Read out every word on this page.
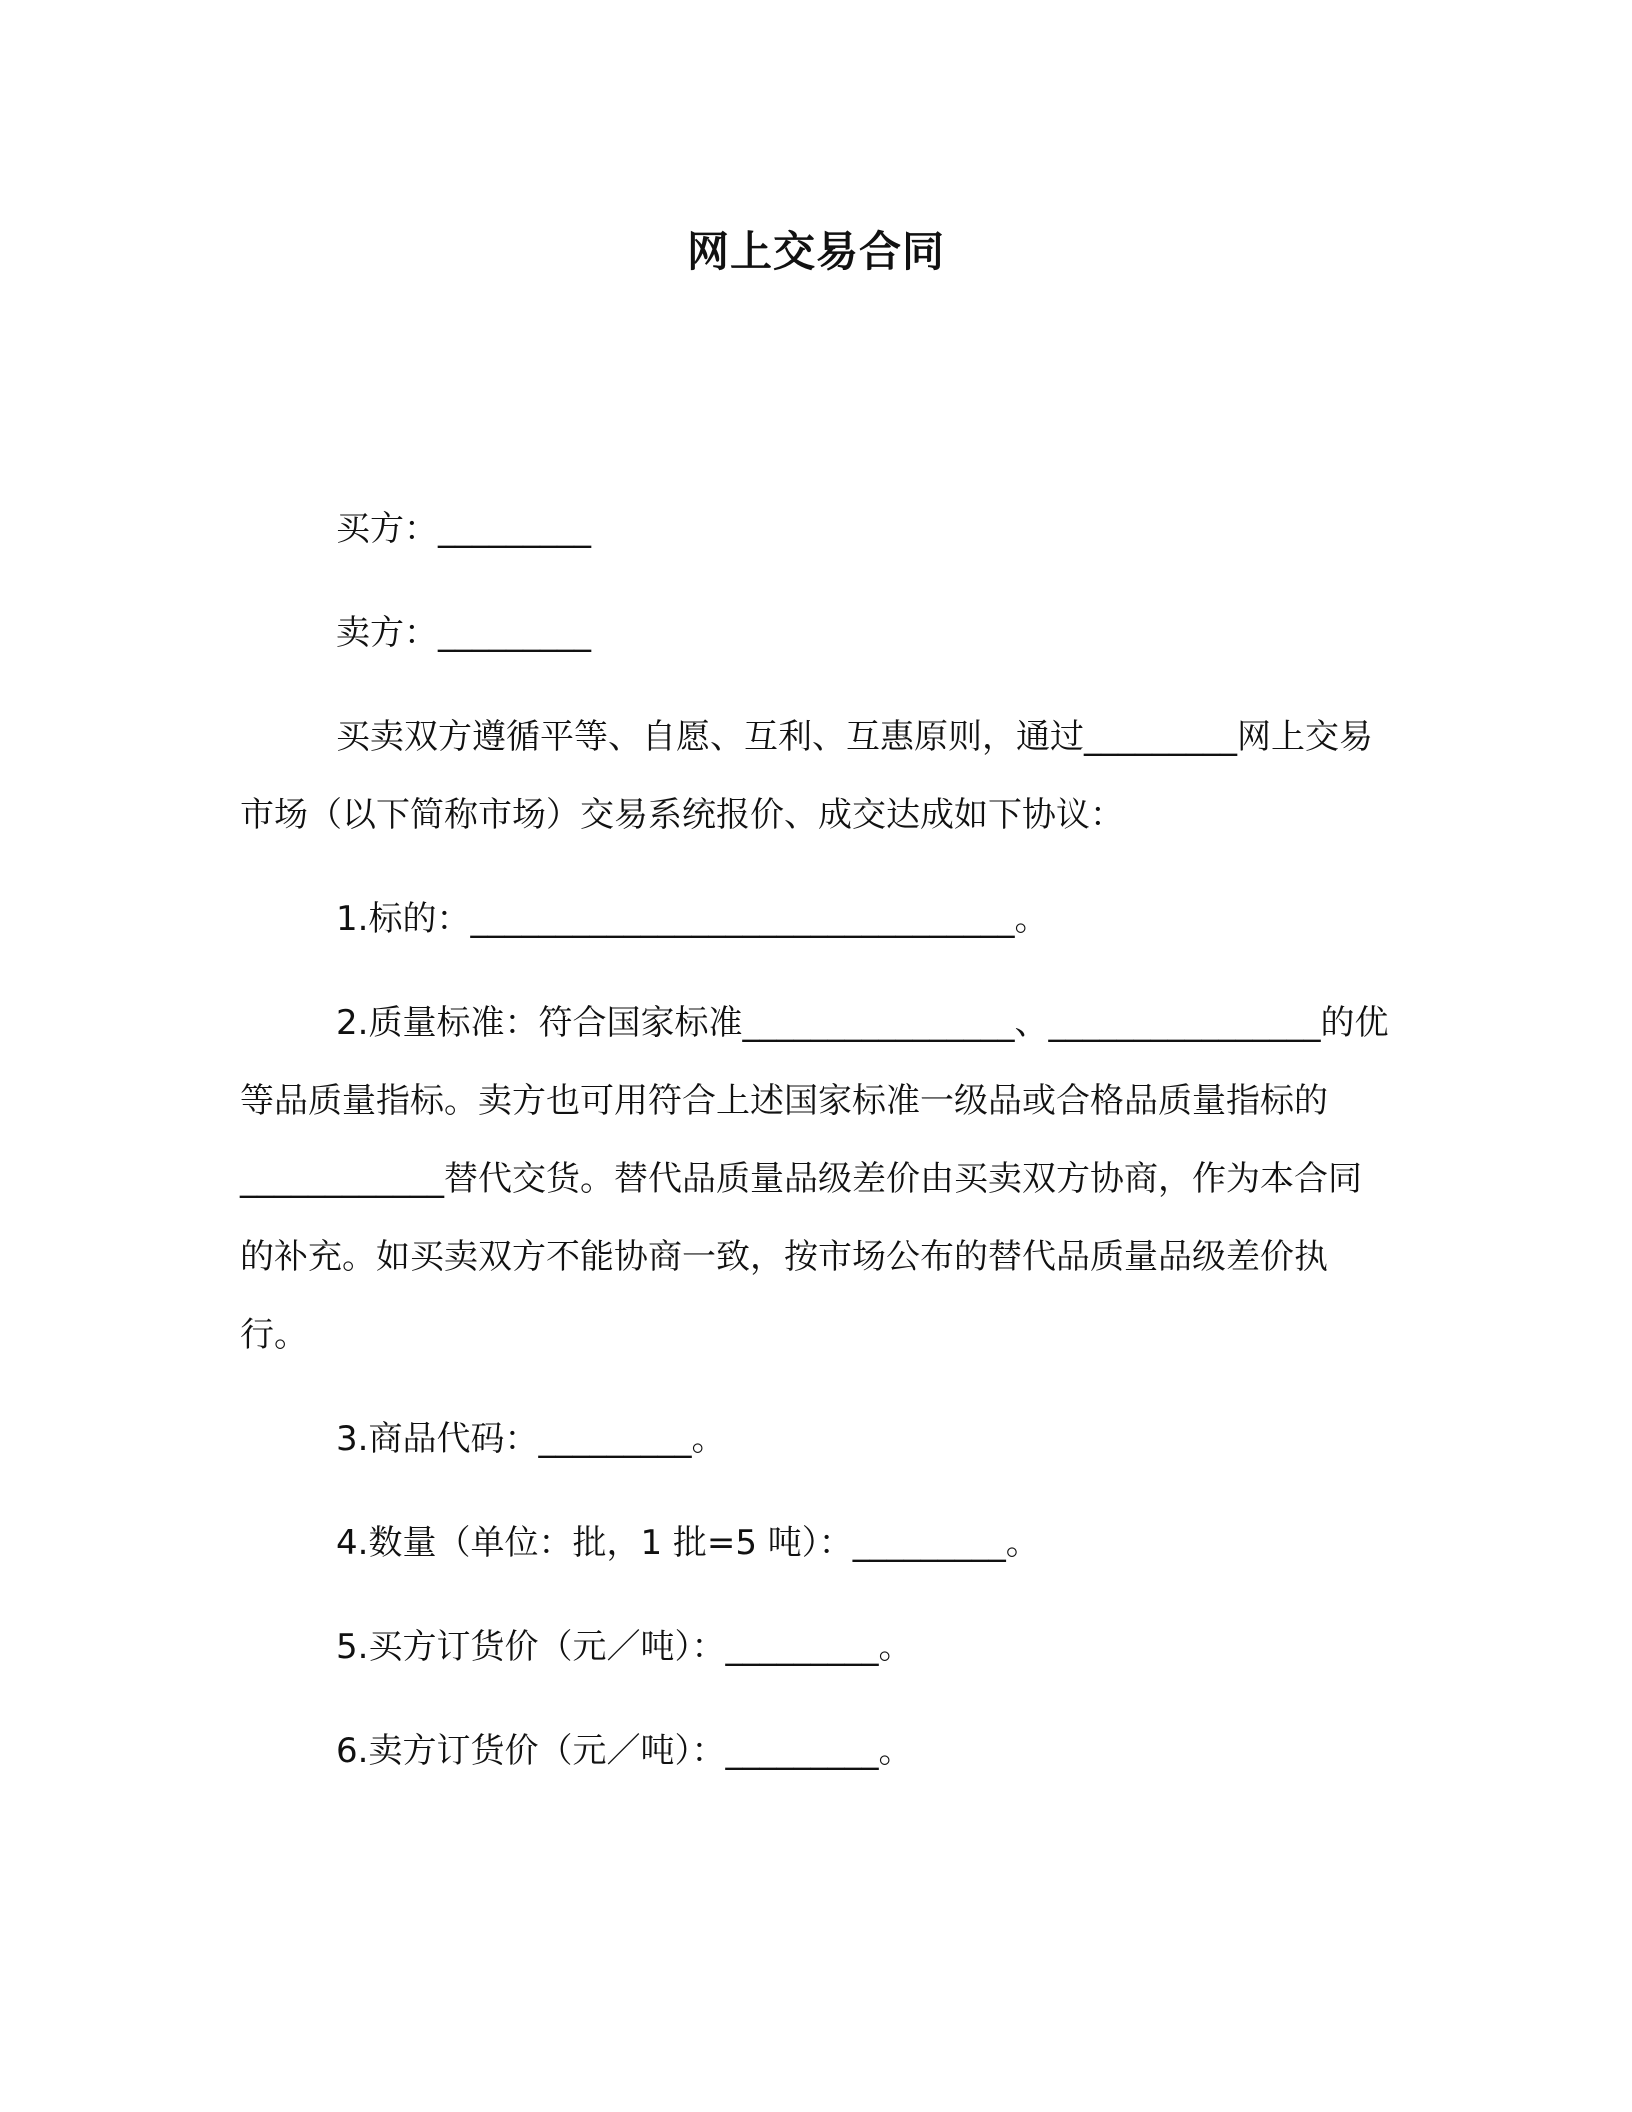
网上交易合同

买方：_________

卖方：_________

买卖双方遵循平等、自愿、互利、互惠原则，通过_________网上交易市场（以下简称市场）交易系统报价、成交达成如下协议：

1.标的：________________________________。

2.质量标准：符合国家标准________________、________________的优等品质量指标。卖方也可用符合上述国家标准一级品或合格品质量指标的____________替代交货。替代品质量品级差价由买卖双方协商，作为本合同的补充。如买卖双方不能协商一致，按市场公布的替代品质量品级差价执行。

3.商品代码：_________。

4.数量（单位：批，1 批=5 吨）：_________。

5.买方订货价（元／吨）：_________。

6.卖方订货价（元／吨）：_________。
